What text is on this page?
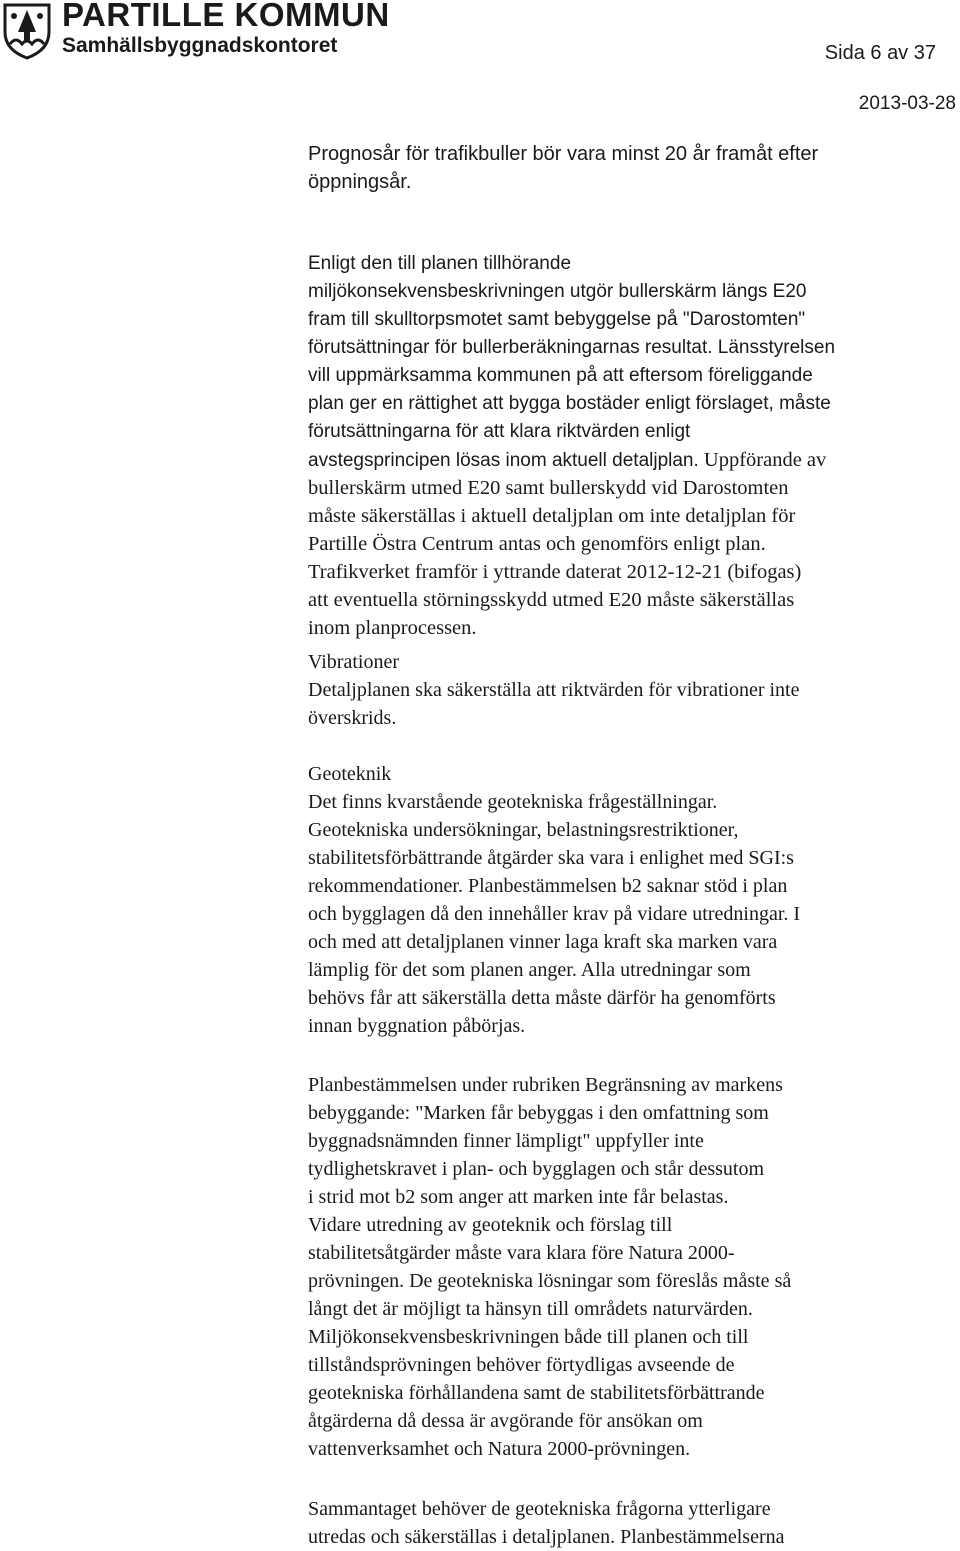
PARTILLE KOMMUN
Samhällsbyggnadskontoret	Sida 6 av 37
2013-03-28
Prognosår för trafikbuller bör vara minst 20 år framåt efter
öppningsår.
Enligt den till planen tillhörande
miljökonsekvensbeskrivningen utgör bullerskärm längs E20
fram till skulltorpsmotet samt bebyggelse på "Darostomten"
förutsättningar för bullerberäkningarnas resultat. Länsstyrelsen
vill uppmärksamma kommunen på att eftersom föreliggande
plan ger en rättighet att bygga bostäder enligt förslaget, måste
förutsättningarna för att klara riktvärden enligt
avstegsprincipen lösas inom aktuell detaljplan. Uppförande av
bullerskärm utmed E20 samt bullerskydd vid Darostomten
måste säkerställas i aktuell detaljplan om inte detaljplan för
Partille Östra Centrum antas och genomförs enligt plan.
Trafikverket framför i yttrande daterat 2012-12-21 (bifogas)
att eventuella störningsskydd utmed E20 måste säkerställas
inom planprocessen.
Vibrationer
Detaljplanen ska säkerställa att riktvärden för vibrationer inte
överskrids.
Geoteknik
Det finns kvarstående geotekniska frågeställningar.
Geotekniska undersökningar, belastningsrestriktioner,
stabilitetsförbättrande åtgärder ska vara i enlighet med SGI:s
rekommendationer. Planbestämmelsen b2 saknar stöd i plan
och bygglagen då den innehåller krav på vidare utredningar. I
och med att detaljplanen vinner laga kraft ska marken vara
lämplig för det som planen anger. Alla utredningar som
behövs får att säkerställa detta måste därför ha genomförts
innan byggnation påbörjas.
Planbestämmelsen under rubriken Begränsning av markens
bebyggande: "Marken får bebyggas i den omfattning som
byggnadsnämnden finner lämpligt" uppfyller inte
tydlighetskravet i plan- och bygglagen och står dessutom
i strid mot b2 som anger att marken inte får belastas.
Vidare utredning av geoteknik och förslag till
stabilitetsåtgärder måste vara klara före Natura 2000-
prövningen. De geotekniska lösningar som föreslås måste så
långt det är möjligt ta hänsyn till områdets naturvärden.
Miljökonsekvensbeskrivningen både till planen och till
tillståndsprövningen behöver förtydligas avseende de
geotekniska förhållandena samt de stabilitetsförbättrande
åtgärderna då dessa är avgörande för ansökan om
vattenverksamhet och Natura 2000-prövningen.
Sammantaget behöver de geotekniska frågorna ytterligare
utredas och säkerställas i detaljplanen. Planbestämmelserna
